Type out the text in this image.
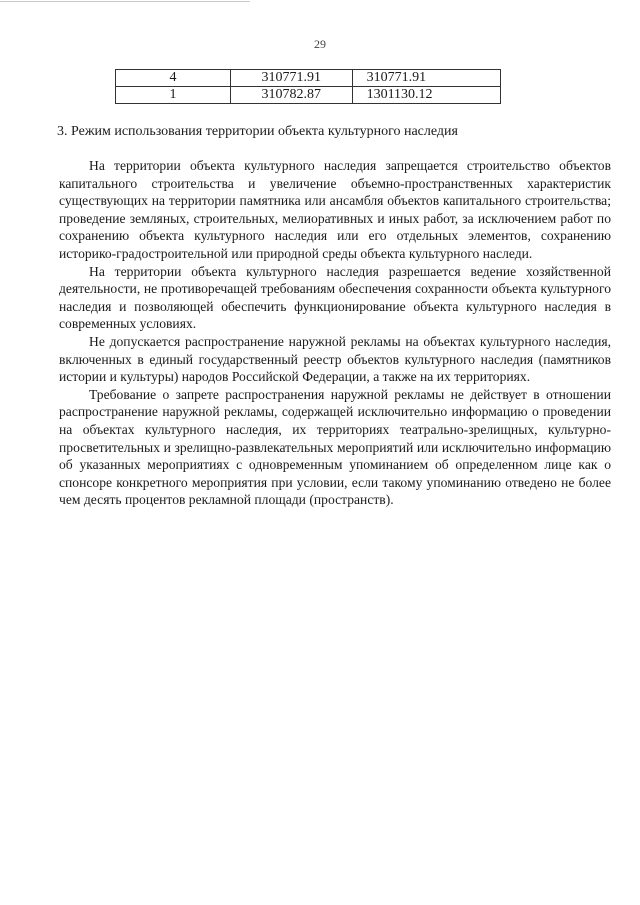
29
4	310771.91	310771.91
1	310782.87	1301130.12
3. Режим использования территории объекта культурного наследия

На территории объекта культурного наследия запрещается строительство объектов капитального строительства и увеличение объемно-пространственных характеристик существующих на территории памятника или ансамбля объектов капитального строительства; проведение земляных, строительных, мелиоративных и иных работ, за исключением работ по сохранению объекта культурного наследия или его отдельных элементов, сохранению историко-градостроительной или природной среды объекта культурного наследи.

На территории объекта культурного наследия разрешается ведение хозяйственной деятельности, не противоречащей требованиям обеспечения сохранности объекта культурного наследия и позволяющей обеспечить функционирование объекта культурного наследия в современных условиях.

Не допускается распространение наружной рекламы на объектах культурного наследия, включенных в единый государственный реестр объектов культурного наследия (памятников истории и культуры) народов Российской Федерации, а также на их территориях.

Требование о запрете распространения наружной рекламы не действует в отношении распространение наружной рекламы, содержащей исключительно информацию о проведении на объектах культурного наследия, их территориях театрально-зрелищных, культурно-просветительных и зрелищно-развлекательных мероприятий или исключительно информацию об указанных мероприятиях с одновременным упоминанием об определенном лице как о спонсоре конкретного мероприятия при условии, если такому упоминанию отведено не более чем десять процентов рекламной площади (пространств).
